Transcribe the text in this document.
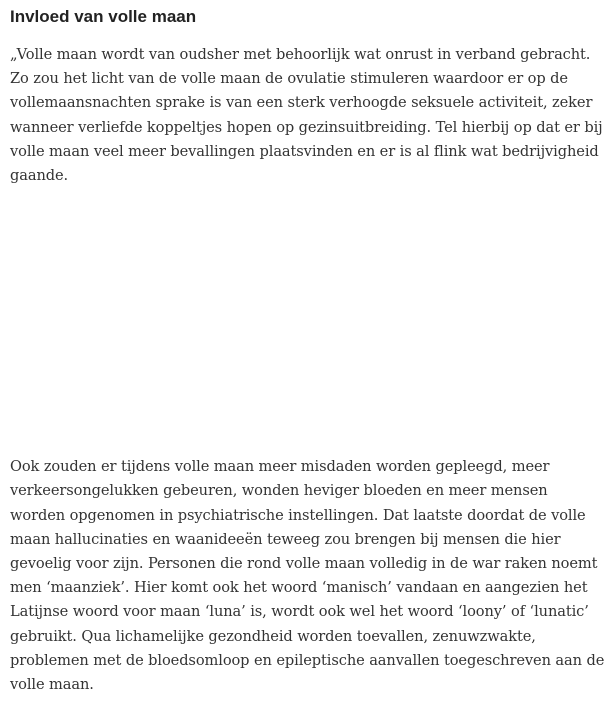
Invloed van volle maan

„Volle maan wordt van oudsher met behoorlijk wat onrust in verband gebracht. Zo zou het licht van de volle maan de ovulatie stimuleren waardoor er op de vollemaansnachten sprake is van een sterk verhoogde seksuele activiteit, zeker wanneer verliefde koppeltjes hopen op gezinsuitbreiding. Tel hierbij op dat er bij volle maan veel meer bevallingen plaatsvinden en er is al flink wat bedrijvigheid gaande.

Ook zouden er tijdens volle maan meer misdaden worden gepleegd, meer verkeersongelukken gebeuren, wonden heviger bloeden en meer mensen worden opgenomen in psychiatrische instellingen. Dat laatste doordat de volle maan hallucinaties en waanideeën teweeg zou brengen bij mensen die hier gevoelig voor zijn. Personen die rond volle maan volledig in de war raken noemt men ‘maanziek’. Hier komt ook het woord ‘manisch’ vandaan en aangezien het Latijnse woord voor maan ‘luna’ is, wordt ook wel het woord ‘loony’ of ‘lunatic’ gebruikt. Qua lichamelijke gezondheid worden toevallen, zenuwzwakte, problemen met de bloedsomloop en epileptische aanvallen toegeschreven aan de volle maan.
